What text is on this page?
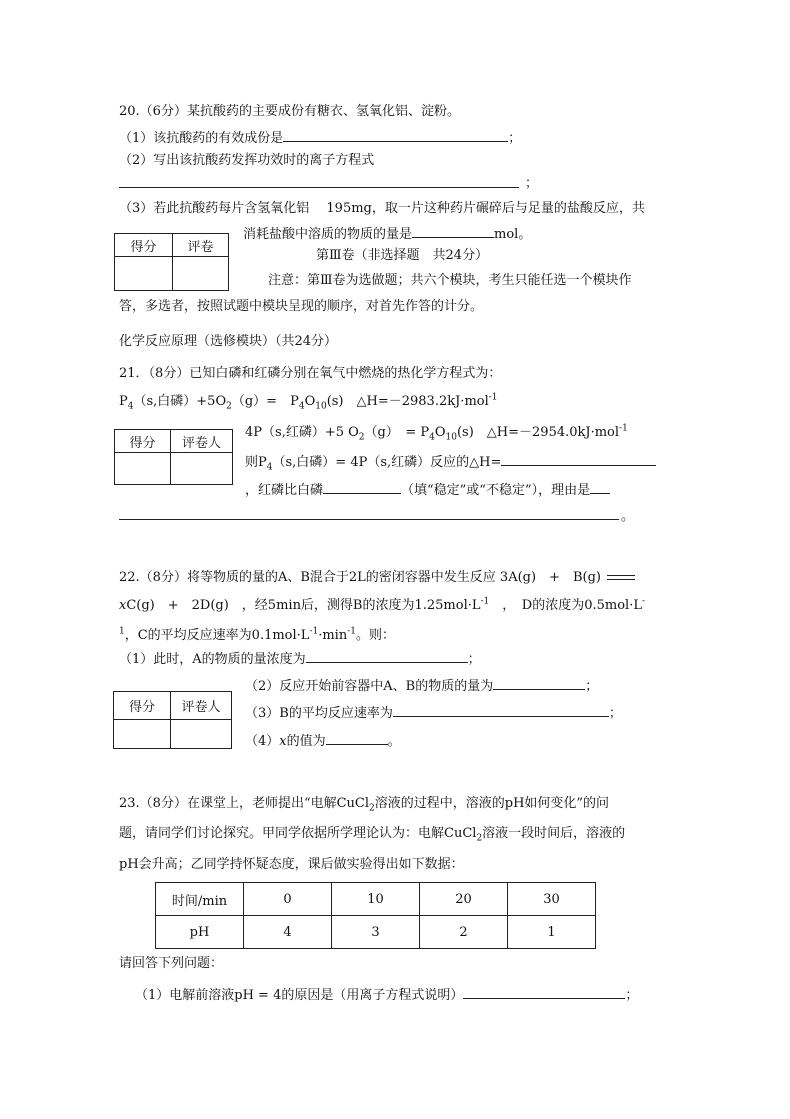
20.（6分）某抗酸药的主要成份有糖衣、氢氧化铝、淀粉。
（1）该抗酸药的有效成份是	；
（2）写出该抗酸药发挥功效时的离子方程式
；
（3）若此抗酸药每片含氢氧化铝　 195mg，取一片这种药片碾碎后与足量的盐酸反应，共
消耗盐酸中溶质的物质的量是	mol。
得分	评卷

第Ⅲ卷（非选择题　共24分）
注意：第Ⅲ卷为选做题；共六个模块，考生只能任选一个模块作
答，多选者，按照试题中模块呈现的顺序，对首先作答的计分。
化学反应原理（选修模块）（共24分）
21．（8分）已知白磷和红磷分别在氧气中燃烧的热化学方程式为：
$P_4(s$,白磷）$+5O_2(g)=$　$P_4O_{10}(s)$　△H=－2983.2kJ·mol$^{-1}$
得分	评卷人

4P（s,红磷）+5 $O_2(g)$　= $P_4O_{10}(s)$　△H=－2954.0kJ·mol$^{-1}$
则$P_4(s$,白磷）= 4P（s,红磷）反应的△H=
，红磷比白磷	（填“稳定”或“不稳定”），理由是
。
22.（8分）将等物质的量的A、B混合于2L的密闭容器中发生反应 3A(g)　+　B(g)
xC(g)　+　2D(g)　，经5min后，测得B的浓度为$1.25mol\cdot L^{-1}$　，　D的浓度为0.5mol·L-
$^1$，C的平均反应速率为$0.1mol\cdot L^{-1}\cdot\min^{-1}$。则：
（1）此时，A的物质的量浓度为	；
得分	评卷人

（2）反应开始前容器中A、B的物质的量为	；
（3）B的平均反应速率为	；
（4）x的值为	。
23.（8分）在课堂上，老师提出“电解CuCl$_2$溶液的过程中，溶液的pH如何变化”的问
题，请同学们讨论探究。甲同学依据所学理论认为：电解CuCl$_2$溶液一段时间后，溶液的
pH会升高；乙同学持怀疑态度，课后做实验得出如下数据：
时间/min	0	10	20	30
pH	4	3	2	1
请回答下列问题：
（1）电解前溶液pH = 4的原因是（用离子方程式说明）	；
